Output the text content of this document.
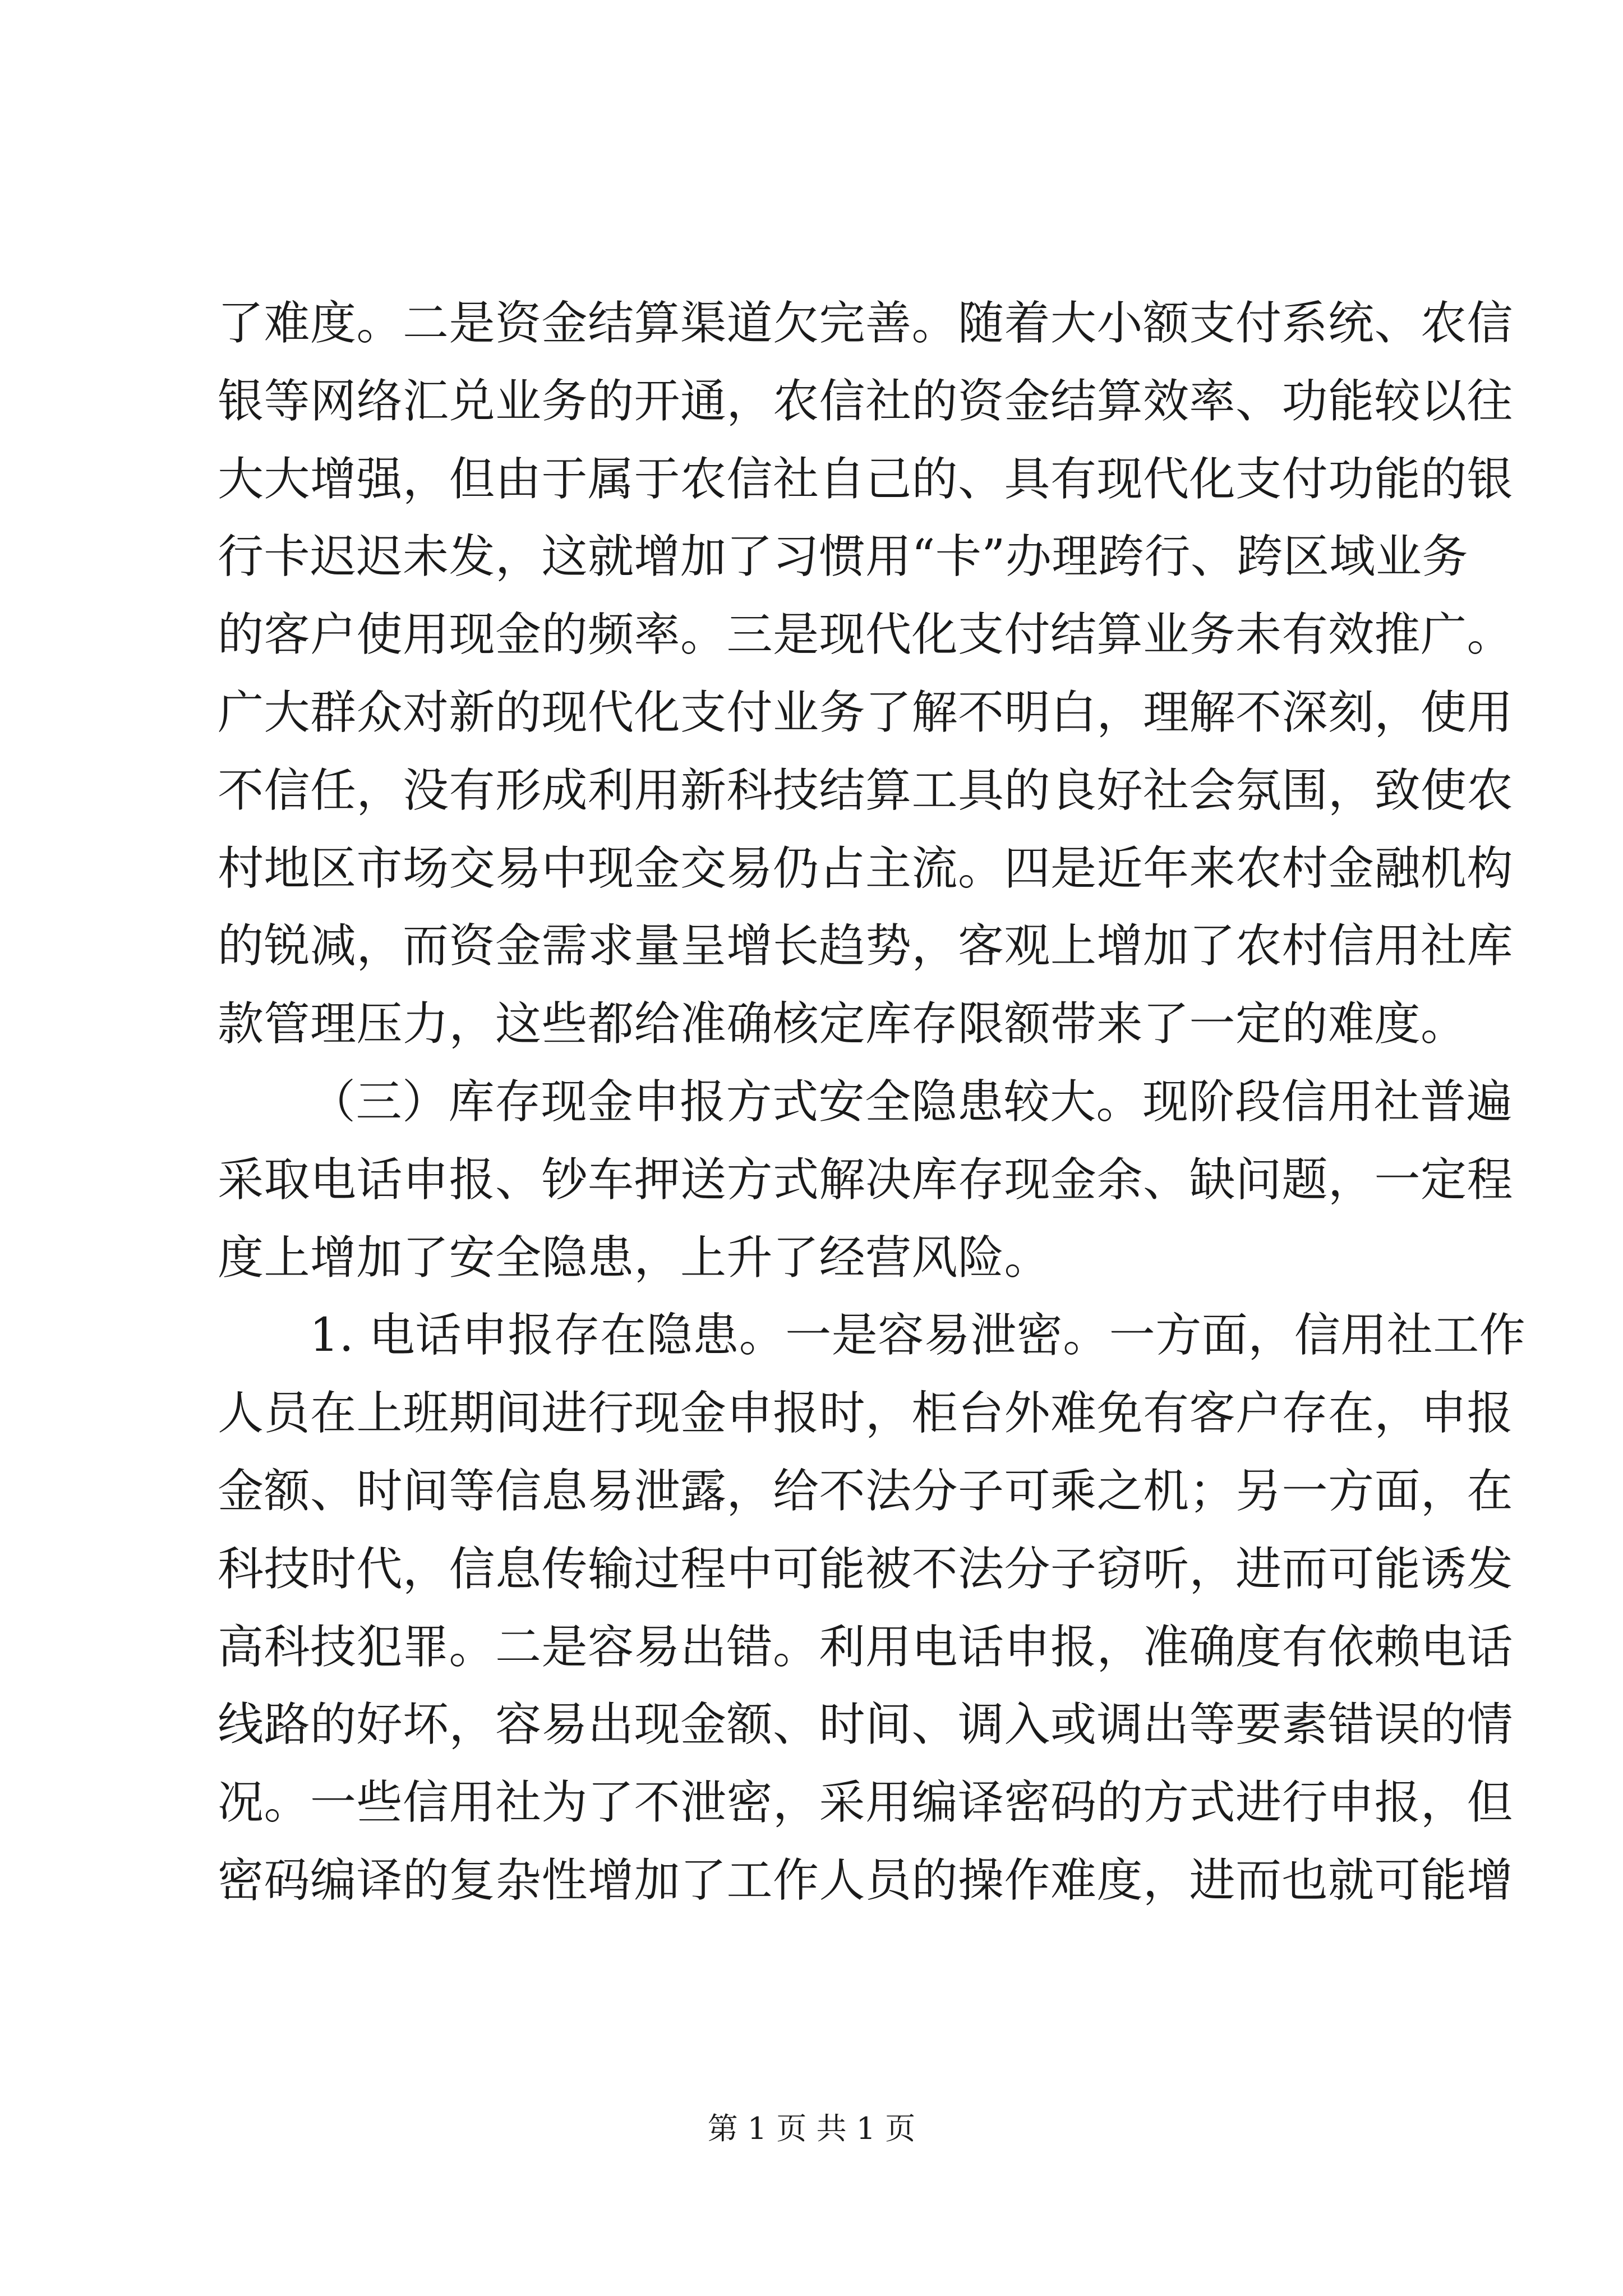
了难度。二是资金结算渠道欠完善。随着大小额支付系统、农信
银等网络汇兑业务的开通，农信社的资金结算效率、功能较以往
大大增强，但由于属于农信社自己的、具有现代化支付功能的银
行卡迟迟未发，这就增加了习惯用“卡”办理跨行、跨区域业务
的客户使用现金的频率。三是现代化支付结算业务未有效推广。
广大群众对新的现代化支付业务了解不明白，理解不深刻，使用
不信任，没有形成利用新科技结算工具的良好社会氛围，致使农
村地区市场交易中现金交易仍占主流。四是近年来农村金融机构
的锐减，而资金需求量呈增长趋势，客观上增加了农村信用社库
款管理压力，这些都给准确核定库存限额带来了一定的难度。
（三）库存现金申报方式安全隐患较大。现阶段信用社普遍
采取电话申报、钞车押送方式解决库存现金余、缺问题，一定程
度上增加了安全隐患，上升了经营风险。
1. 电话申报存在隐患。一是容易泄密。一方面，信用社工作
人员在上班期间进行现金申报时，柜台外难免有客户存在，申报
金额、时间等信息易泄露，给不法分子可乘之机；另一方面，在
科技时代，信息传输过程中可能被不法分子窃听，进而可能诱发
高科技犯罪。二是容易出错。利用电话申报，准确度有依赖电话
线路的好坏，容易出现金额、时间、调入或调出等要素错误的情
况。一些信用社为了不泄密，采用编译密码的方式进行申报，但
密码编译的复杂性增加了工作人员的操作难度，进而也就可能增
第 1 页 共 1 页
